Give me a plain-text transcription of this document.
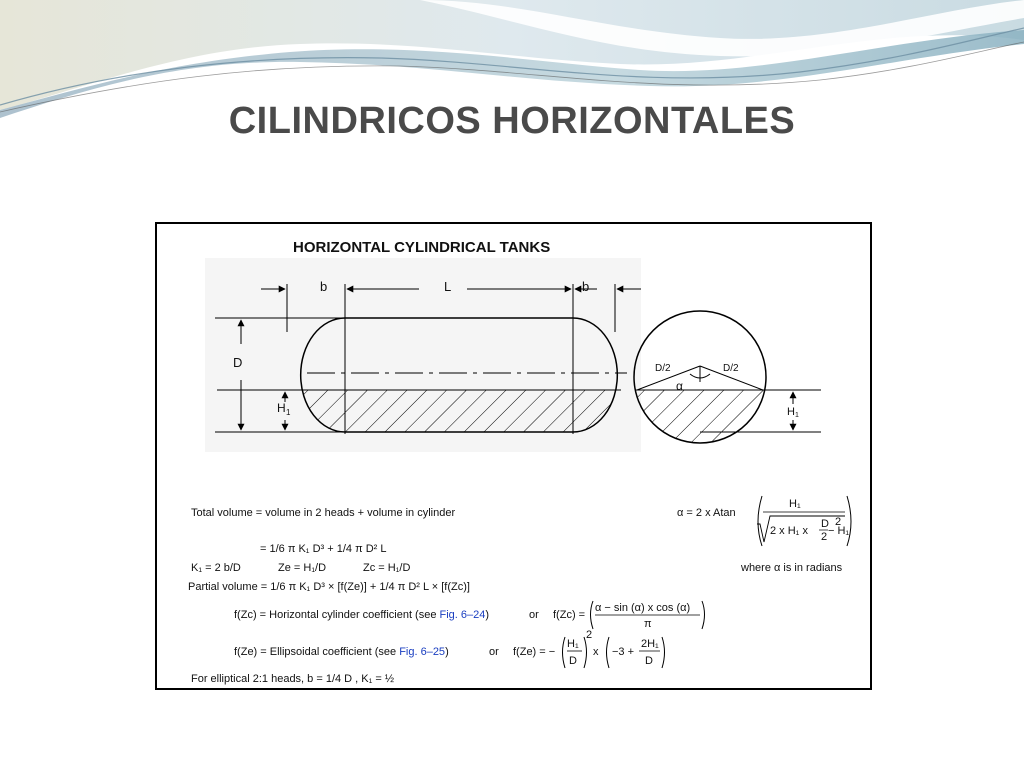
CILINDRICOS HORIZONTALES
HORIZONTAL CYLINDRICAL TANKS
b	L	b
D
H 1
D/2	D/2
α
H 1
Total volume = volume in 2 heads + volume in cylinder
= 1/6 π K₁ D³ + 1/4 π D² L
K₁ = 2 b/D	Ze = H₁/D	Zc = H₁/D
Partial volume = 1/6 π K₁ D³ × [f(Ze)] + 1/4 π D² L × [f(Zc)]
f(Zc) = Horizontal cylinder coefficient (see Fig. 6–24)
f(Ze) = Ellipsoidal coefficient (see Fig. 6–25)
For elliptical 2:1 heads, b = 1/4 D , K₁ = ½
or f(Zc) =
α − sin (α) x cos (α)
π
or f(Ze) = −
H₁
D
2
x −3 +
2H₁
D
α = 2 x Atan
H₁
2 x H₁ x
D
2 − H₁
2
where α is in radians
